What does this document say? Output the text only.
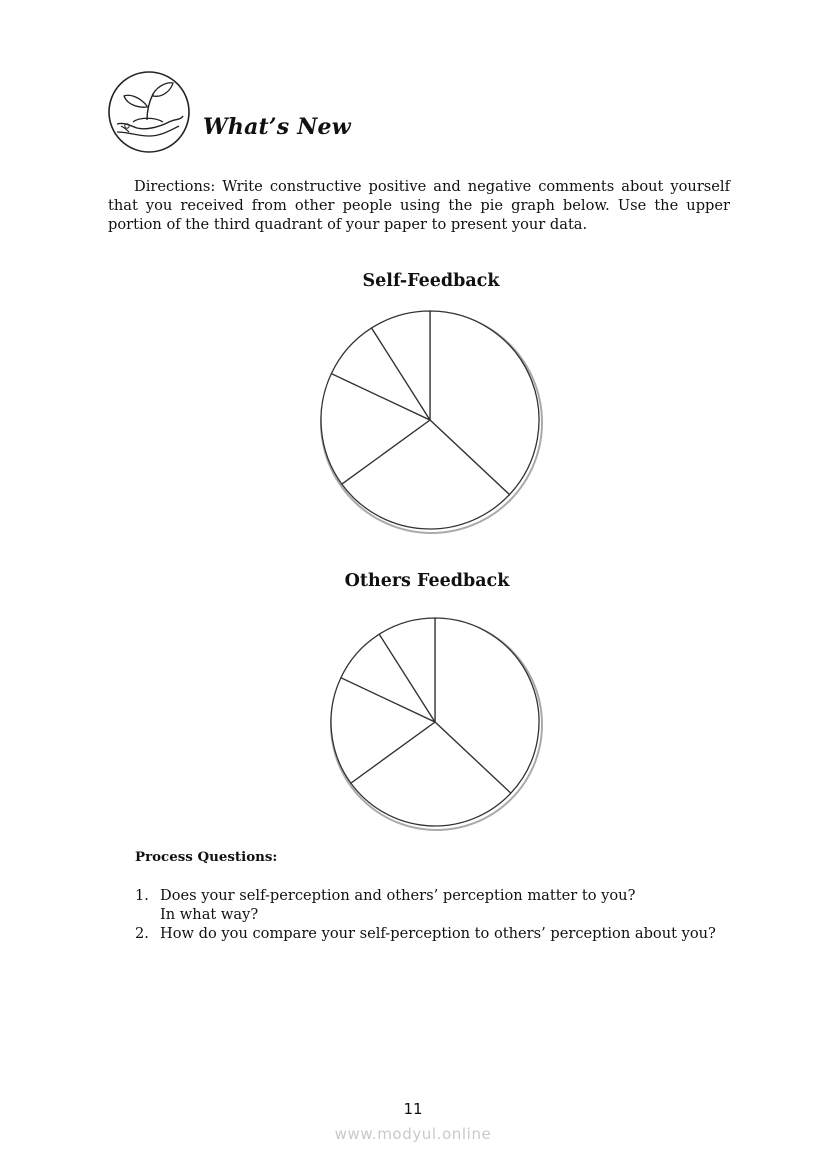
What’s New

Directions: Write constructive positive and negative comments about yourself that you received from other people using the pie graph below. Use the upper portion of the third quadrant of your paper to present your data.

Self-Feedback
Others Feedback
Process Questions:
1. Does your self-perception and others’ perception matter to you?
In what way?
2. How do you compare your self-perception to others’ perception about you?
11
www.modyul.online
